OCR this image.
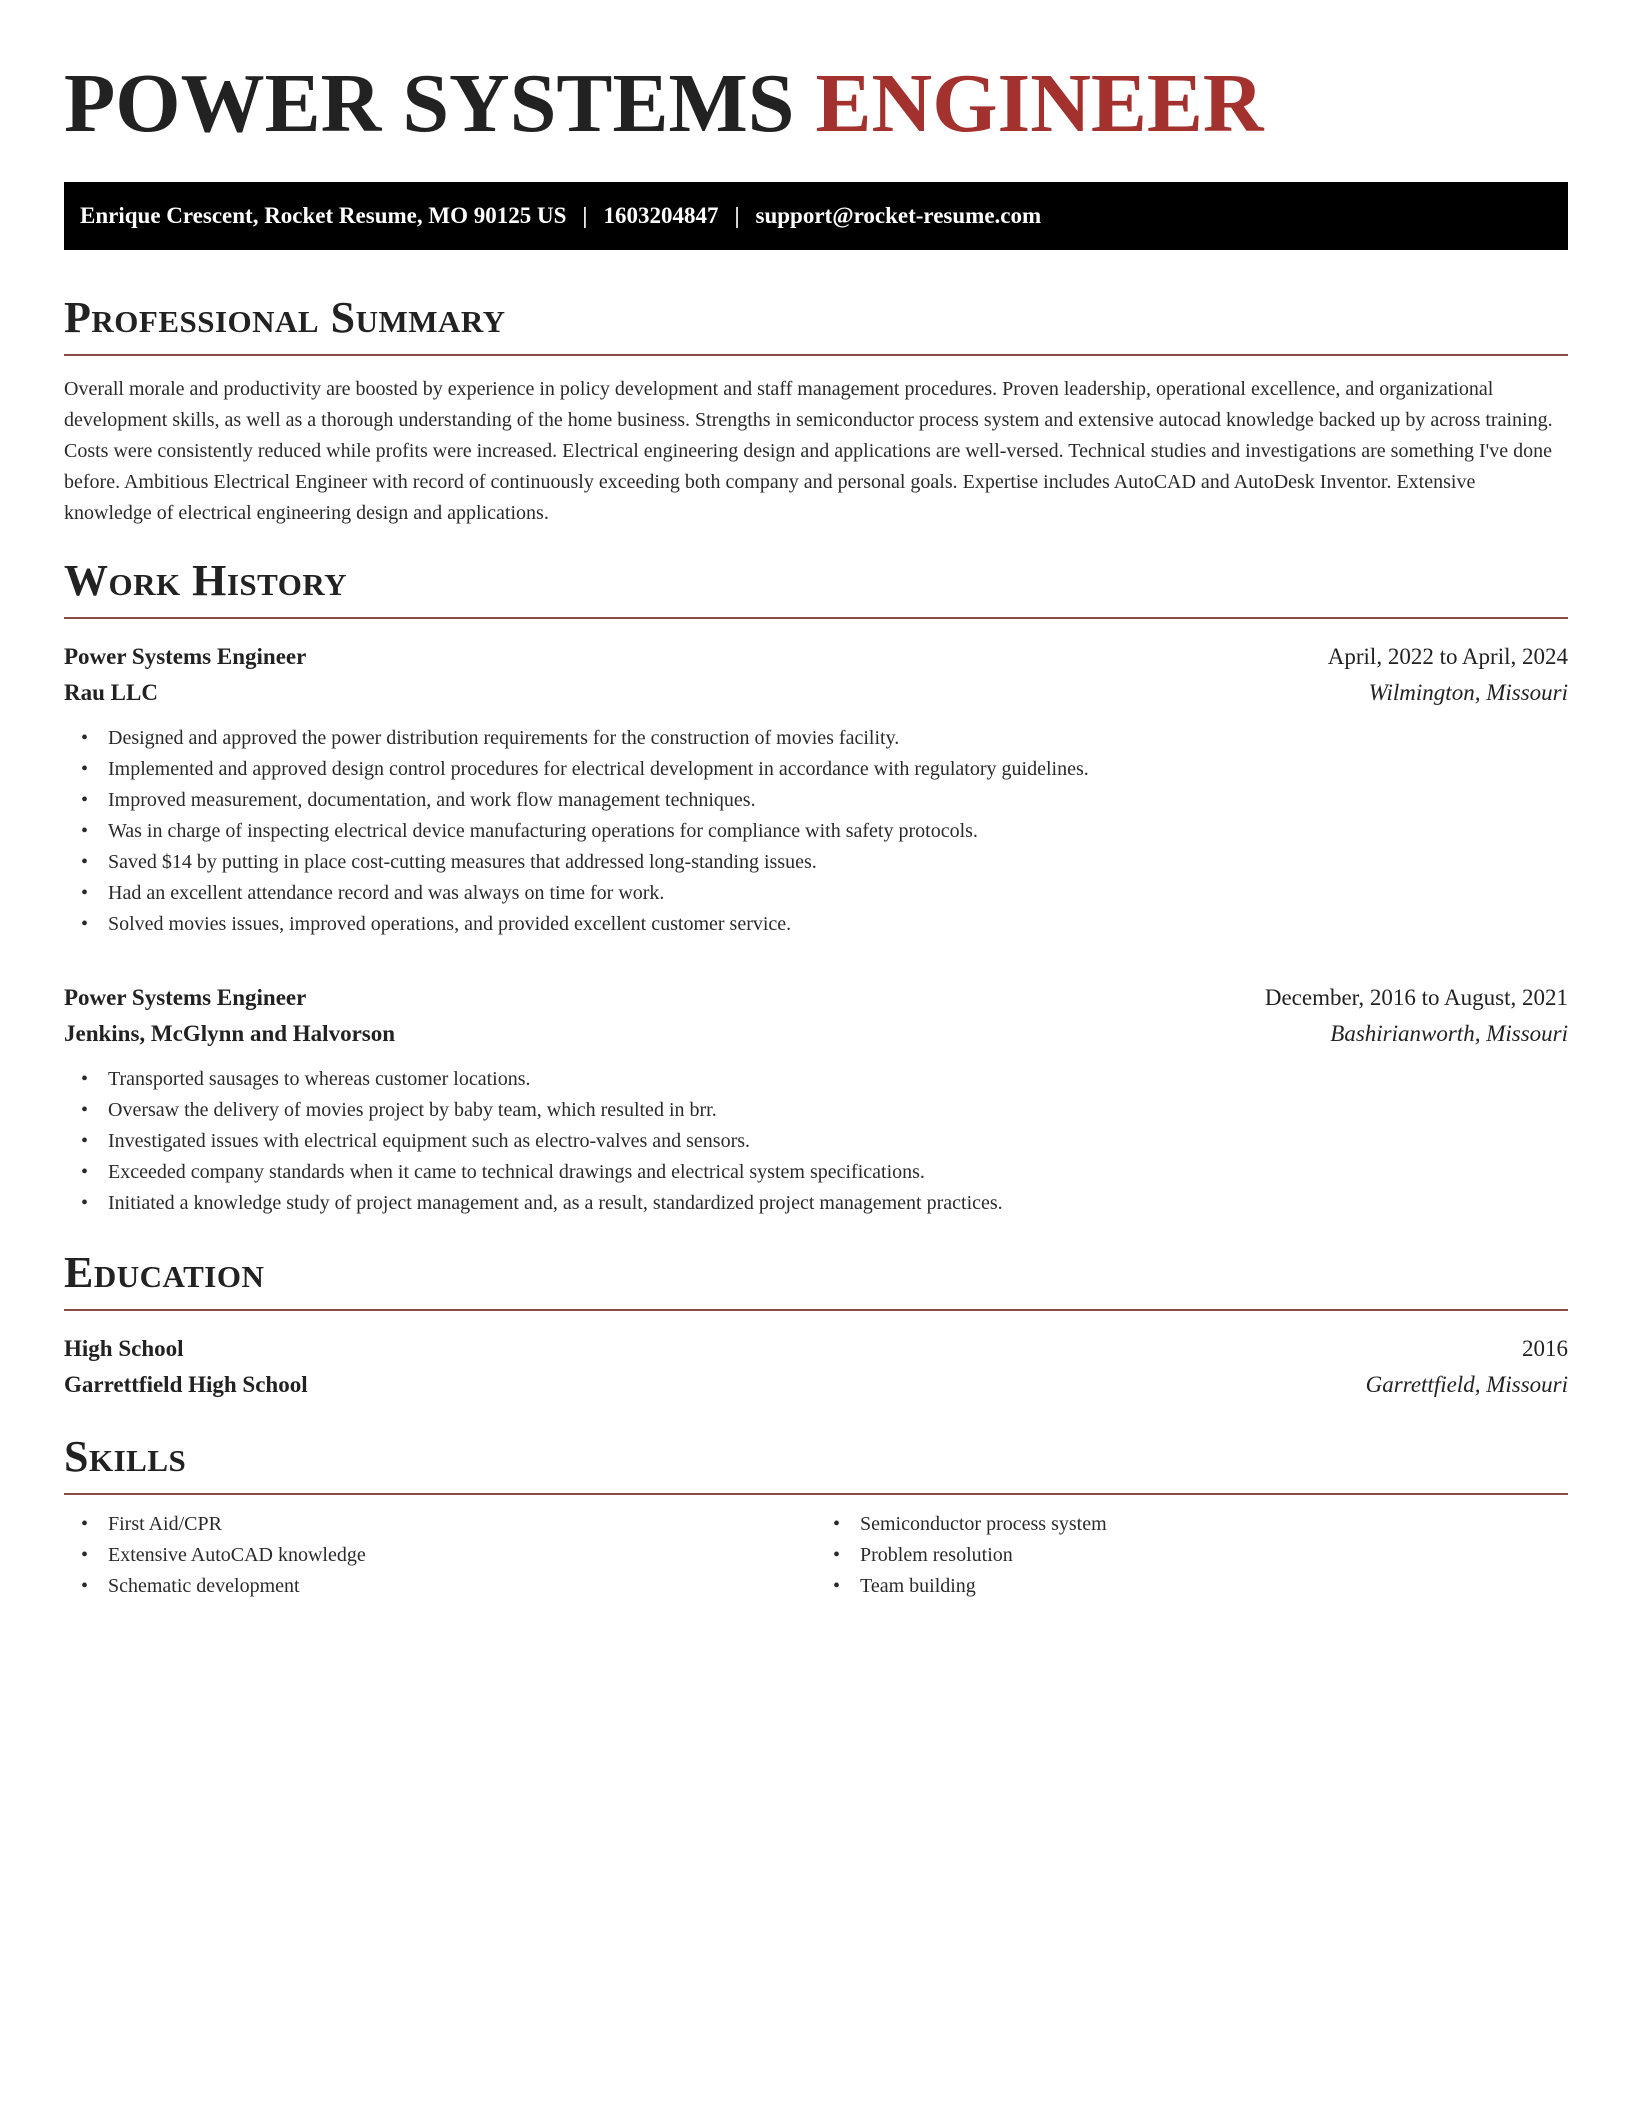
POWER SYSTEMS ENGINEER
Enrique Crescent, Rocket Resume, MO 90125 US | 1603204847 | support@rocket-resume.com
Professional Summary

Overall morale and productivity are boosted by experience in policy development and staff management procedures. Proven leadership, operational excellence, and organizational development skills, as well as a thorough understanding of the home business. Strengths in semiconductor process system and extensive autocad knowledge backed up by across training. Costs were consistently reduced while profits were increased. Electrical engineering design and applications are well-versed. Technical studies and investigations are something I've done before. Ambitious Electrical Engineer with record of continuously exceeding both company and personal goals. Expertise includes AutoCAD and AutoDesk Inventor. Extensive knowledge of electrical engineering design and applications.

Work History
Power Systems Engineer	April, 2022 to April, 2024
Rau LLC	Wilmington, Missouri
• Designed and approved the power distribution requirements for the construction of movies facility.
• Implemented and approved design control procedures for electrical development in accordance with regulatory guidelines.
• Improved measurement, documentation, and work flow management techniques.
• Was in charge of inspecting electrical device manufacturing operations for compliance with safety protocols.
• Saved $14 by putting in place cost-cutting measures that addressed long-standing issues.
• Had an excellent attendance record and was always on time for work.
• Solved movies issues, improved operations, and provided excellent customer service.
Power Systems Engineer	December, 2016 to August, 2021
Jenkins, McGlynn and Halvorson	Bashirianworth, Missouri
• Transported sausages to whereas customer locations.
• Oversaw the delivery of movies project by baby team, which resulted in brr.
• Investigated issues with electrical equipment such as electro-valves and sensors.
• Exceeded company standards when it came to technical drawings and electrical system specifications.
• Initiated a knowledge study of project management and, as a result, standardized project management practices.
Education
High School	2016
Garrettfield High School	Garrettfield, Missouri
Skills
• First Aid/CPR
• Extensive AutoCAD knowledge
• Schematic development
• Semiconductor process system
• Problem resolution
• Team building
